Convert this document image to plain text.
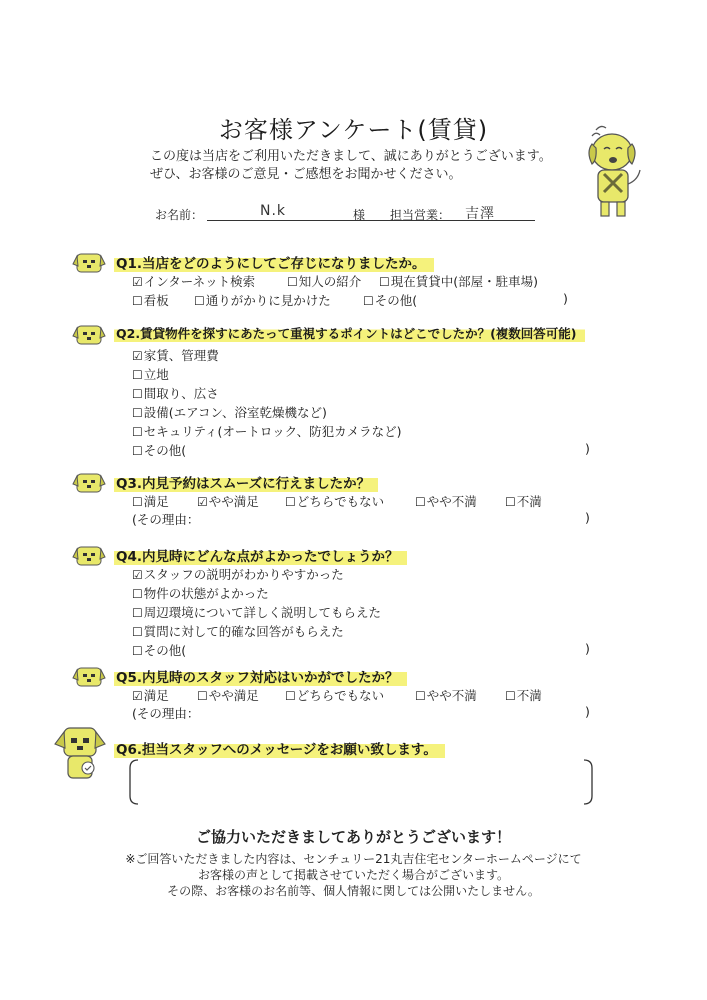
お客様アンケート(賃貸)
この度は当店をご利用いただきまして、誠にありがとうございます。
ぜひ、お客様のご意見・ご感想をお聞かせください。
お名前：	N.k	様 担当営業： 吉澤
Q1.当店をどのようにしてご存じになりましたか。
☑インターネット検索	☐知人の紹介 ☐現在賃貸中(部屋・駐車場)
☐看板 ☐通りがかりに見かけた	☐その他(	)
Q2.賃貸物件を探すにあたって重視するポイントはどこでしたか？(複数回答可能)
☑家賃、管理費
☐立地
☐間取り、広さ
☐設備(エアコン、浴室乾燥機など)
☐セキュリティ(オートロック、防犯カメラなど)
☐その他(	)
Q3.内見予約はスムーズに行えましたか？
☐満足 ☑やや満足 ☐どちらでもない	☐やや不満 ☐不満
(その理由：	)
Q4.内見時にどんな点がよかったでしょうか？
☑スタッフの説明がわかりやすかった
☐物件の状態がよかった
☐周辺環境について詳しく説明してもらえた
☐質問に対して的確な回答がもらえた
☐その他(	)
Q5.内見時のスタッフ対応はいかがでしたか？
☑満足 ☐やや満足 ☐どちらでもない	☐やや不満 ☐不満
(その理由：	)
Q6.担当スタッフへのメッセージをお願い致します。
ご協力いただきましてありがとうございます！
※ご回答いただきました内容は、センチュリー21丸吉住宅センターホームページにて
お客様の声として掲載させていただく場合がございます。
その際、お客様のお名前等、個人情報に関しては公開いたしません。
